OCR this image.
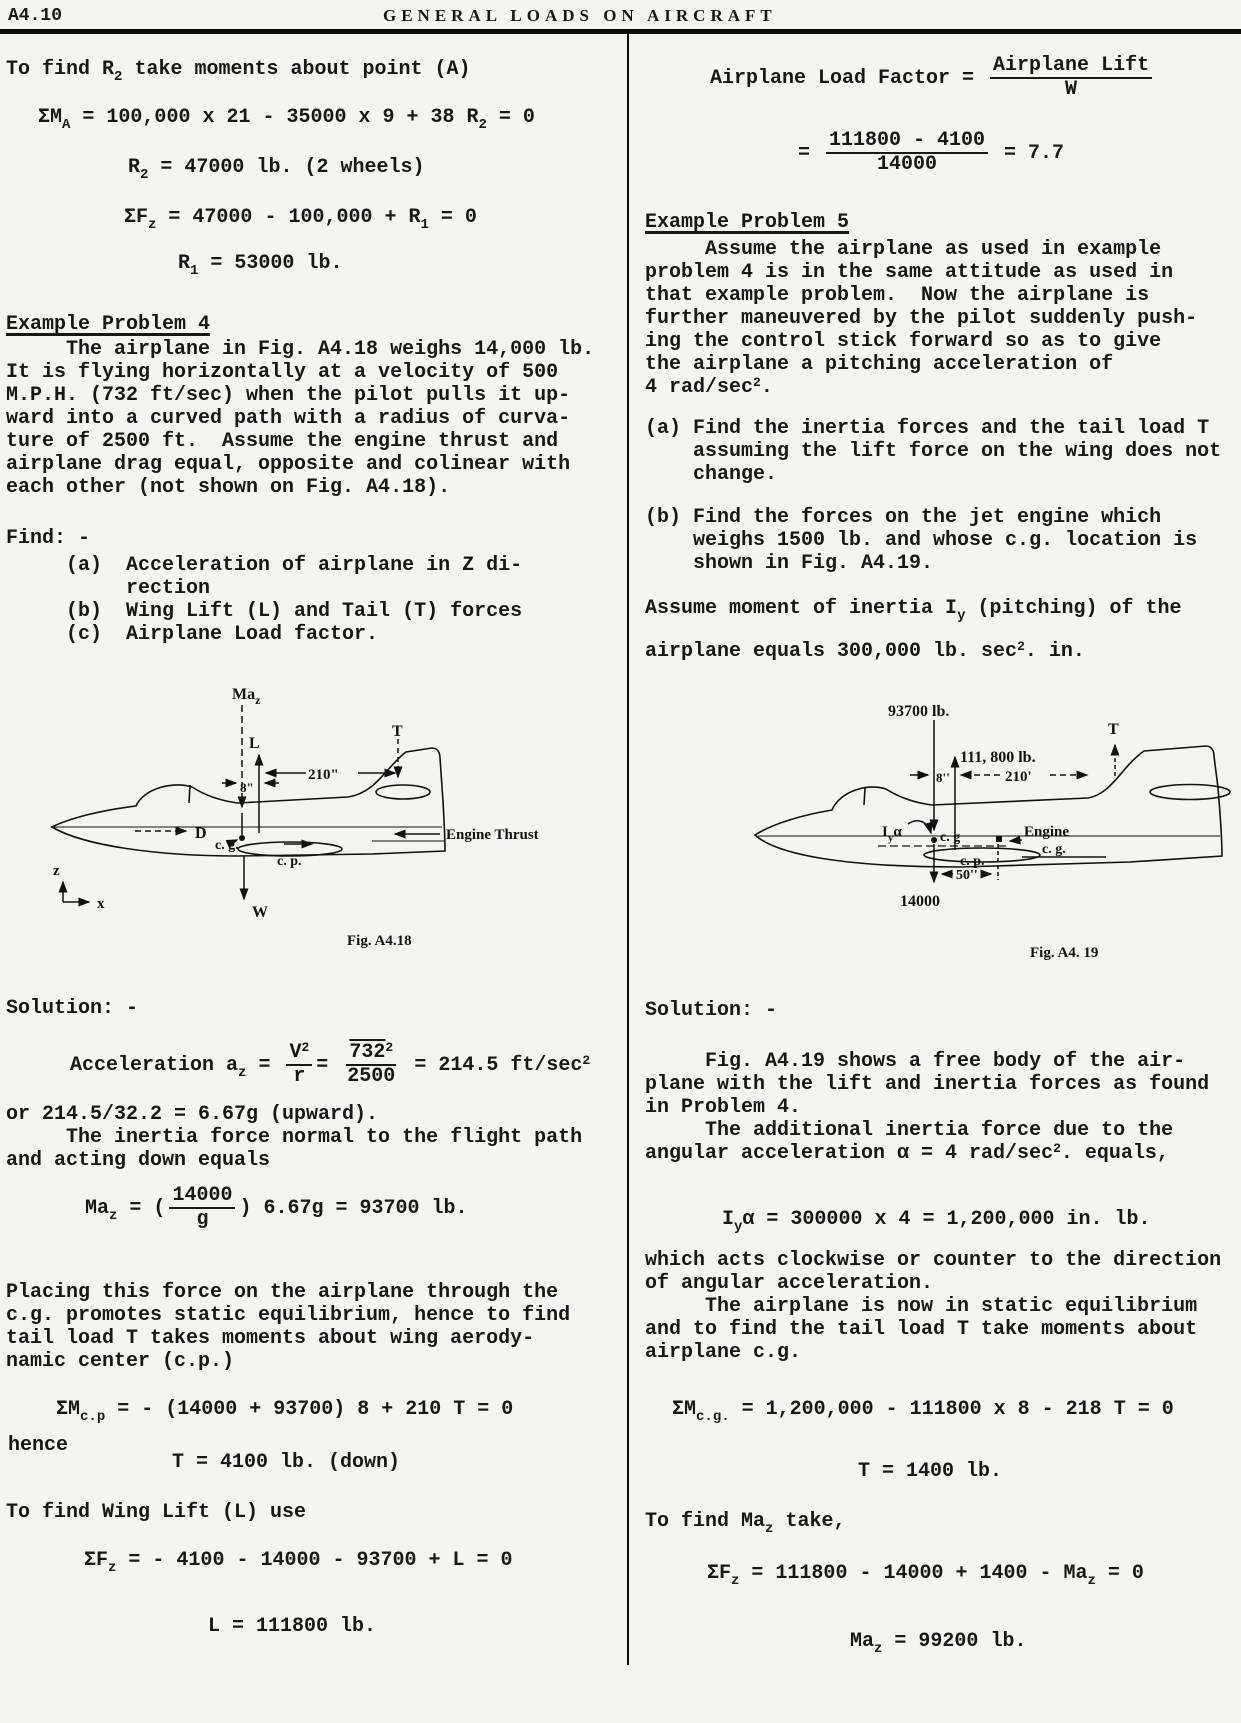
A4.10	GENERAL LOADS ON AIRCRAFT
To find $R_2$ take moments about point (A)
$\Sigma M_A = 100,000$ x 21 - 35000 x 9 + 38 $R_2 = 0$
$R_2 = 47000$ lb. (2 wheels)
$\Sigma F_z = 47000 - 100,000 + R_1 = 0$
$R_1 = 53000$ lb.
Example Problem 4
The airplane in Fig. A4.18 weighs 14,000 lb.
It is flying horizontally at a velocity of 500
M.P.H. (732 ft/sec) when the pilot pulls it up-
ward into a curved path with a radius of curva-
ture of 2500 ft.  Assume the engine thrust and
airplane drag equal, opposite and colinear with
each other (not shown on Fig. A4.18).
Find: -
(a)  Acceleration of airplane in Z di-
rection
(b)  Wing Lift (L) and Tail (T) forces
(c)  Airplane Load factor.
$Ma_z$
L
210"
8"
T
D
c. g.
c. p.
Engine Thrust
z
x	W
Fig. A4.18
Solution: -
Acceleration $a_z = \frac{V^2}{r} = \frac{732^2}{2500} = 214.5$ $ft/\sec^2$
or 214.5/32.2 = 6.67g (upward).
The inertia force normal to the flight path
and acting down equals
$Ma_z$ = ( $\frac{14000}{g}$ ) 6.67g = 93700 lb.
Placing this force on the airplane through the
c.g. promotes static equilibrium, hence to find
tail load T takes moments about wing aerody-
namic center (c.p.)
$\Sigma M_{c.p}$ = - (14000 + 93700) 8 + 210 T = 0
hence
T = 4100 lb. (down)
To find Wing Lift (L) use
$\Sigma F_z$ = - 4100 - 14000 - 93700 + L = 0
L = 111800 lb.
Airplane Load Factor = $\frac{\text{Airplane Lift}}{W}$
= $\frac{111800 - 4100}{14000} = 7.7$
Example Problem 5
Assume the airplane as used in example
problem 4 is in the same attitude as used in
that example problem.  Now the airplane is
further maneuvered by the pilot suddenly push-
ing the control stick forward so as to give
the airplane a pitching acceleration of
4 rad/$\sec^2$.
(a) Find the inertia forces and the tail load T
assuming the lift force on the wing does not
change.
(b) Find the forces on the jet engine which
weighs 1500 lb. and whose c.g. location is
shown in Fig. A4.19.
Assume moment of inertia $I_y$ (pitching) of the
airplane equals 300,000 lb. $\sec^2$. in.
93700 lb.
111, 800 lb.
8''	210'
T
$I_y\alpha$	c. g	Engine
c. g.
c. p.
50''
14000
Fig. A4. 19
Solution: -
Fig. A4.19 shows a free body of the air-
plane with the lift and inertia forces as found
in Problem 4.
The additional inertia force due to the
angular acceleration α = 4 rad/$\sec^2$. equals,
$I_y\alpha = 300000$ x 4 = 1,200,000 in. lb.
which acts clockwise or counter to the direction
of angular acceleration.
The airplane is now in static equilibrium
and to find the tail load T take moments about
airplane c.g.
$\Sigma M_{c.g.} = 1,200,000 - 111800$ x 8 - 218 T = 0
T = 1400 lb.
To find $Ma_z$ take,
$\Sigma F_z = 111800 - 14000 + 1400 - Ma_z = 0$
$Ma_z = 99200$ lb.
